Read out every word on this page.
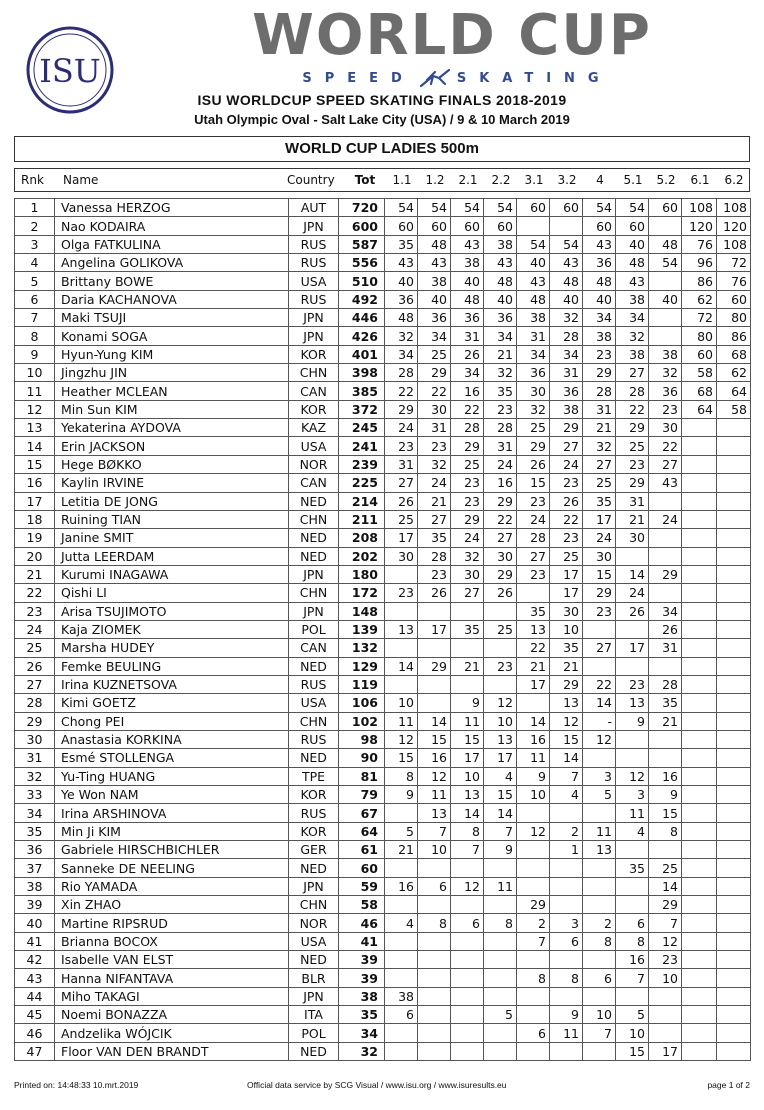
ISU
WORLD CUP
SPEED	SKATING
ISU WORLDCUP SPEED SKATING FINALS 2018-2019
Utah Olympic Oval - Salt Lake City (USA) / 9 & 10 March 2019
WORLD CUP LADIES 500m
Rnk	Name	Country	Tot	1.1	1.2	2.1	2.2	3.1	3.2	4	5.1	5.2	6.1	6.2
1	Vanessa HERZOG	AUT	720	54	54	54	54	60	60	54	54	60	108	108
2	Nao KODAIRA	JPN	600	60	60	60	60			60	60		120	120
3	Olga FATKULINA	RUS	587	35	48	43	38	54	54	43	40	48	76	108
4	Angelina GOLIKOVA	RUS	556	43	43	38	43	40	43	36	48	54	96	72
5	Brittany BOWE	USA	510	40	38	40	48	43	48	48	43		86	76
6	Daria KACHANOVA	RUS	492	36	40	48	40	48	40	40	38	40	62	60
7	Maki TSUJI	JPN	446	48	36	36	36	38	32	34	34		72	80
8	Konami SOGA	JPN	426	32	34	31	34	31	28	38	32		80	86
9	Hyun-Yung KIM	KOR	401	34	25	26	21	34	34	23	38	38	60	68
10	Jingzhu JIN	CHN	398	28	29	34	32	36	31	29	27	32	58	62
11	Heather MCLEAN	CAN	385	22	22	16	35	30	36	28	28	36	68	64
12	Min Sun KIM	KOR	372	29	30	22	23	32	38	31	22	23	64	58
13	Yekaterina AYDOVA	KAZ	245	24	31	28	28	25	29	21	29	30		
14	Erin JACKSON	USA	241	23	23	29	31	29	27	32	25	22		
15	Hege BØKKO	NOR	239	31	32	25	24	26	24	27	23	27		
16	Kaylin IRVINE	CAN	225	27	24	23	16	15	23	25	29	43		
17	Letitia DE JONG	NED	214	26	21	23	29	23	26	35	31			
18	Ruining TIAN	CHN	211	25	27	29	22	24	22	17	21	24		
19	Janine SMIT	NED	208	17	35	24	27	28	23	24	30			
20	Jutta LEERDAM	NED	202	30	28	32	30	27	25	30				
21	Kurumi INAGAWA	JPN	180		23	30	29	23	17	15	14	29		
22	Qishi LI	CHN	172	23	26	27	26		17	29	24			
23	Arisa TSUJIMOTO	JPN	148					35	30	23	26	34		
24	Kaja ZIOMEK	POL	139	13	17	35	25	13	10			26		
25	Marsha HUDEY	CAN	132					22	35	27	17	31		
26	Femke BEULING	NED	129	14	29	21	23	21	21					
27	Irina KUZNETSOVA	RUS	119					17	29	22	23	28		
28	Kimi GOETZ	USA	106	10		9	12		13	14	13	35		
29	Chong PEI	CHN	102	11	14	11	10	14	12	-	9	21		
30	Anastasia KORKINA	RUS	98	12	15	15	13	16	15	12				
31	Esmé STOLLENGA	NED	90	15	16	17	17	11	14					
32	Yu-Ting HUANG	TPE	81	8	12	10	4	9	7	3	12	16		
33	Ye Won NAM	KOR	79	9	11	13	15	10	4	5	3	9		
34	Irina ARSHINOVA	RUS	67		13	14	14				11	15		
35	Min Ji KIM	KOR	64	5	7	8	7	12	2	11	4	8		
36	Gabriele HIRSCHBICHLER	GER	61	21	10	7	9		1	13				
37	Sanneke DE NEELING	NED	60								35	25		
38	Rio YAMADA	JPN	59	16	6	12	11					14		
39	Xin ZHAO	CHN	58					29				29		
40	Martine RIPSRUD	NOR	46	4	8	6	8	2	3	2	6	7		
41	Brianna BOCOX	USA	41					7	6	8	8	12		
42	Isabelle VAN ELST	NED	39								16	23		
43	Hanna NIFANTAVA	BLR	39					8	8	6	7	10		
44	Miho TAKAGI	JPN	38	38										
45	Noemi BONAZZA	ITA	35	6			5		9	10	5			
46	Andzelika WÓJCIK	POL	34					6	11	7	10			
47	Floor VAN DEN BRANDT	NED	32								15	17		
Printed on: 14:48:33 10.mrt.2019	Official data service by SCG Visual / www.isu.org / www.isuresults.eu	page 1 of 2
